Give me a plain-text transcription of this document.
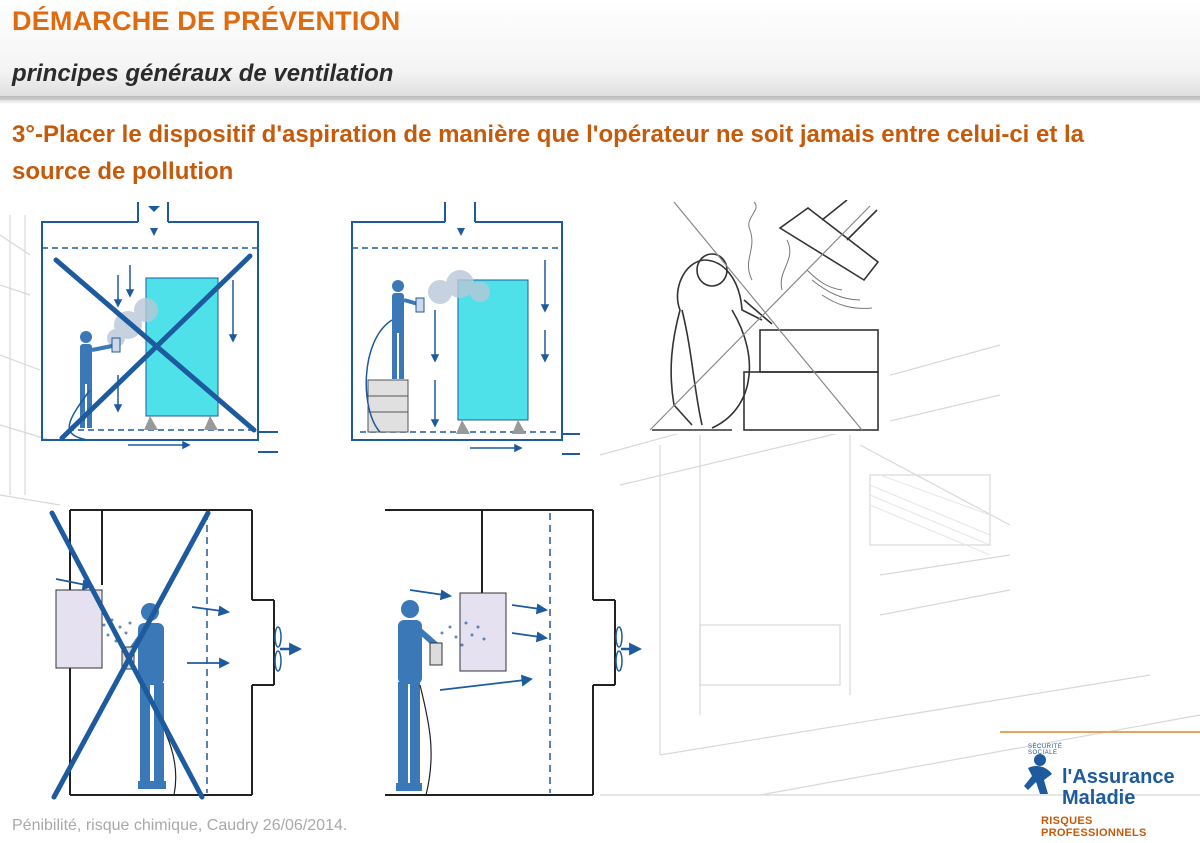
DÉMARCHE DE PRÉVENTION
principes généraux de ventilation

3°-Placer le dispositif d'aspiration de manière que l'opérateur ne soit jamais entre celui-ci et la source de pollution

Pénibilité, risque chimique, Caudry 26/06/2014.

SÉCURITÉ SOCIALE
l'Assurance
Maladie
RISQUES PROFESSIONNELS
